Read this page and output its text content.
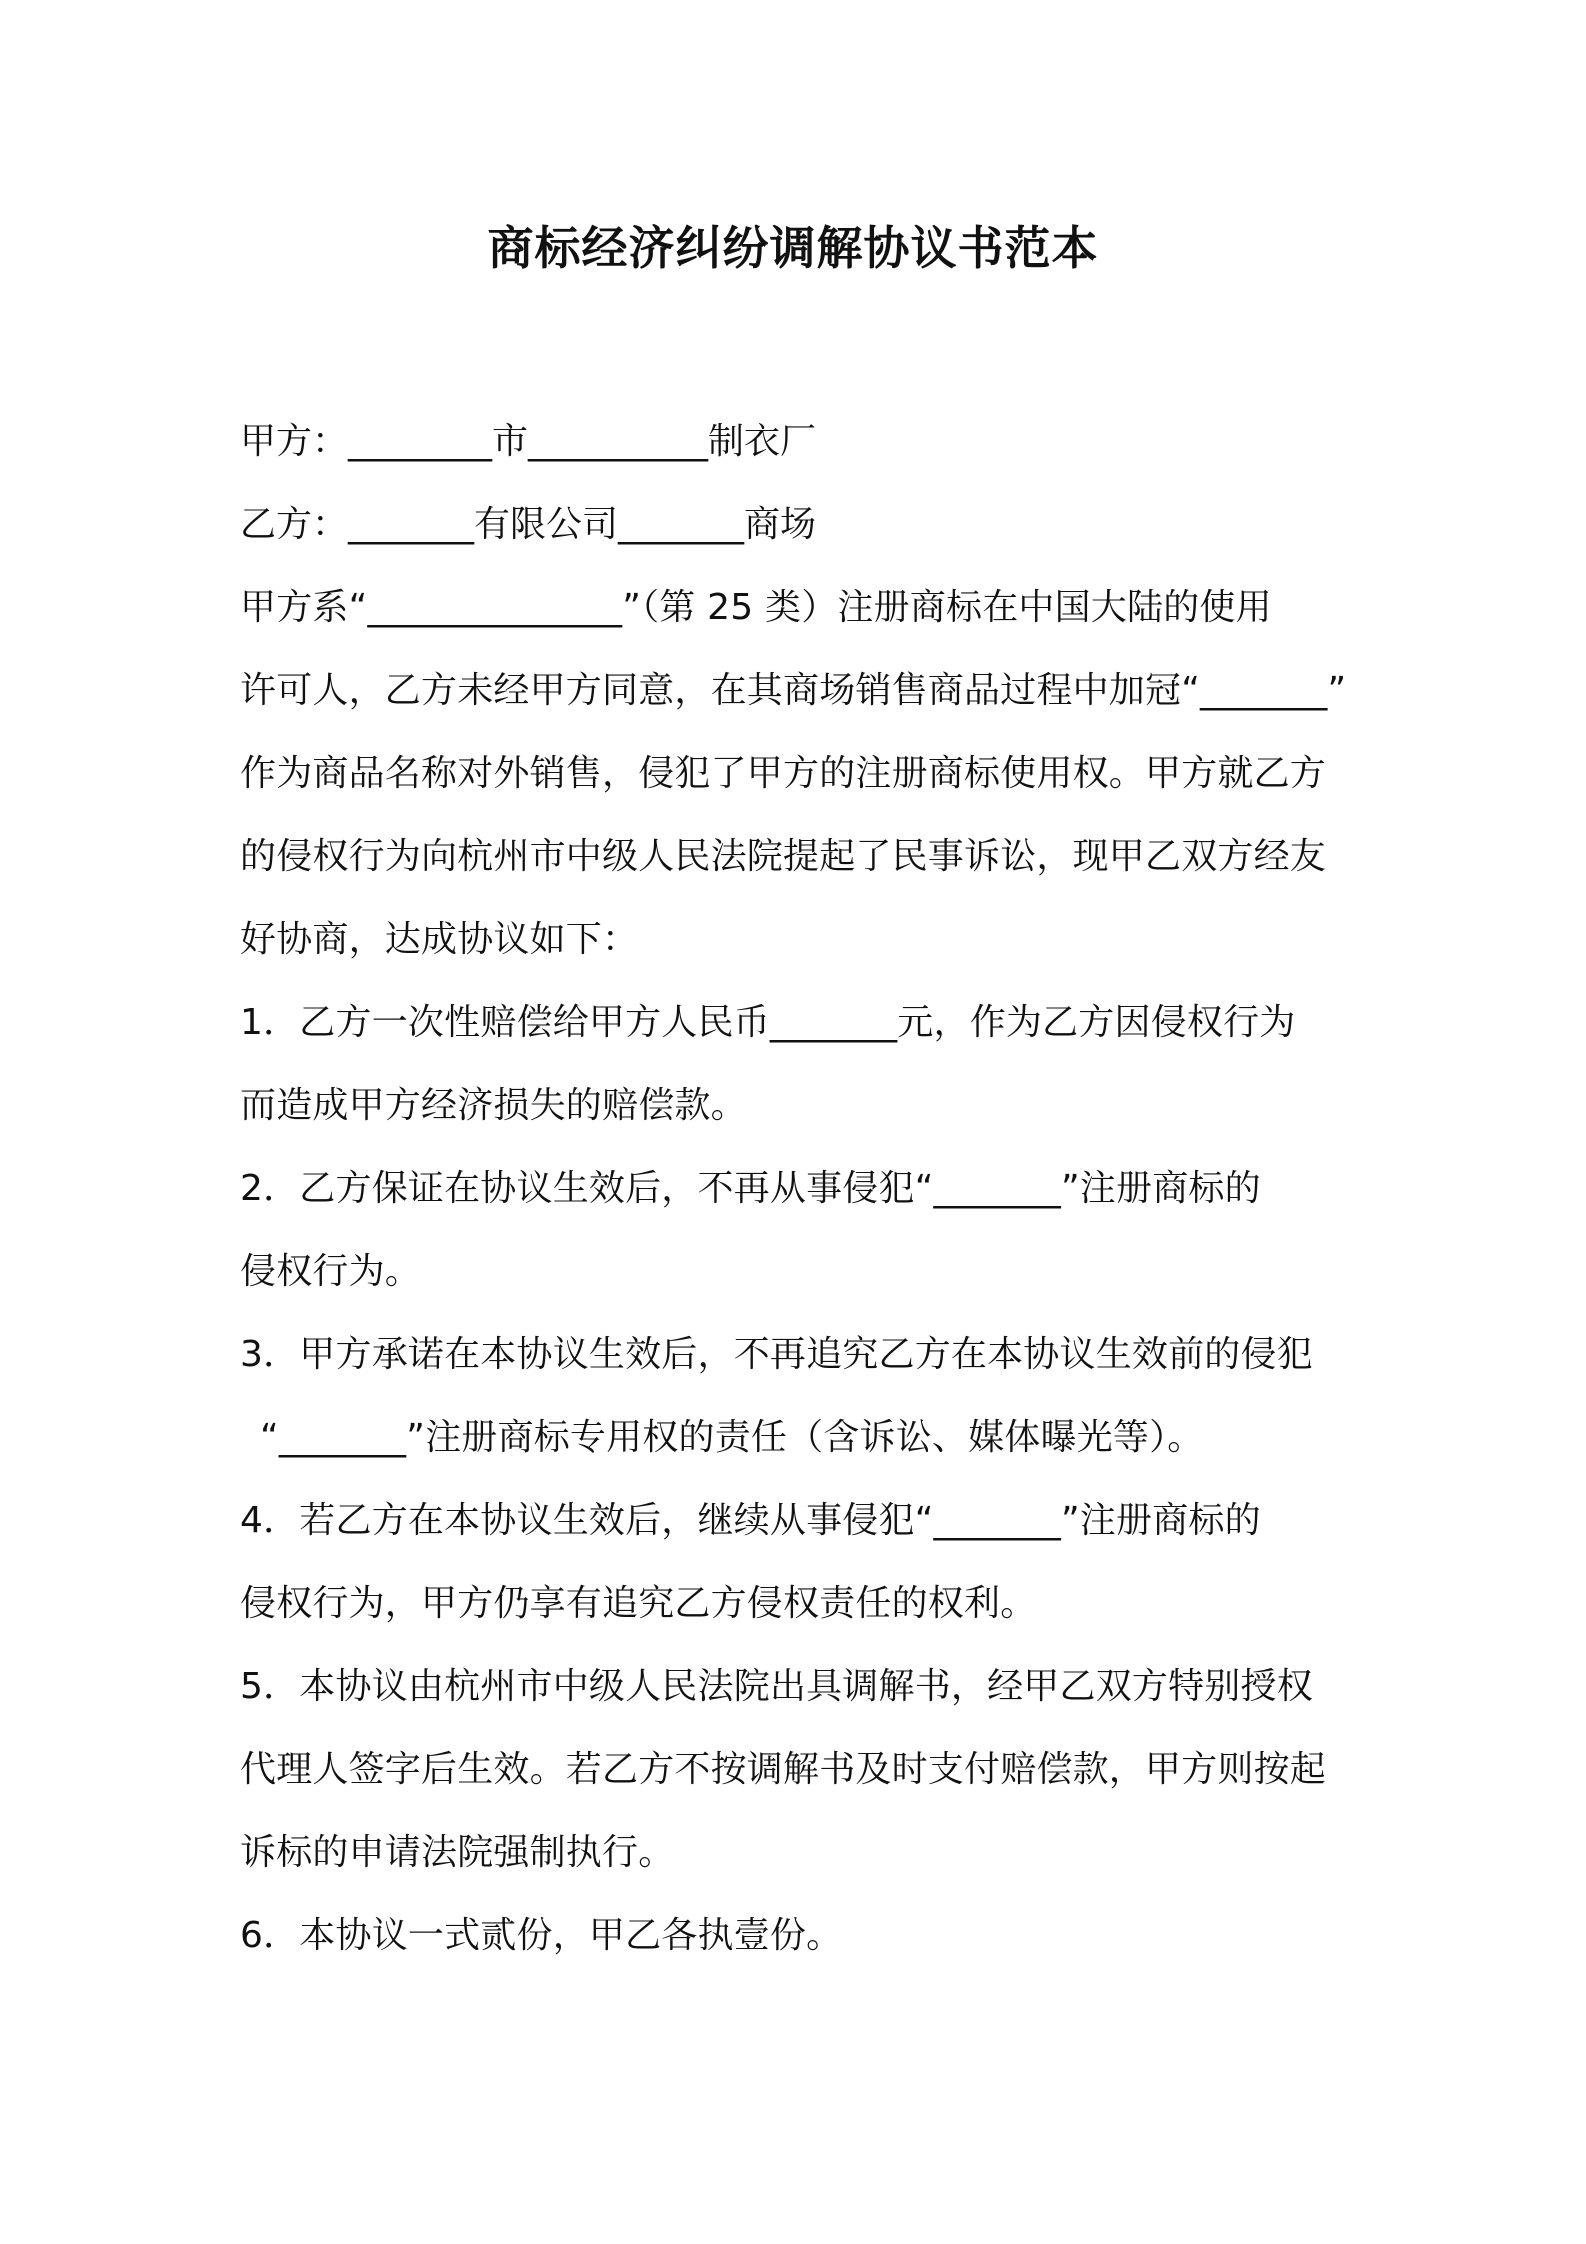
商标经济纠纷调解协议书范本
甲方：________市__________制衣厂
乙方：_______有限公司_______商场
甲方系“______________”（第 25 类）注册商标在中国大陆的使用
许可人，乙方未经甲方同意，在其商场销售商品过程中加冠“_______”
作为商品名称对外销售，侵犯了甲方的注册商标使用权。甲方就乙方
的侵权行为向杭州市中级人民法院提起了民事诉讼，现甲乙双方经友
好协商，达成协议如下：
1．乙方一次性赔偿给甲方人民币_______元，作为乙方因侵权行为
而造成甲方经济损失的赔偿款。
2．乙方保证在协议生效后，不再从事侵犯“_______”注册商标的
侵权行为。
3．甲方承诺在本协议生效后，不再追究乙方在本协议生效前的侵犯
“_______”注册商标专用权的责任（含诉讼、媒体曝光等）。
4．若乙方在本协议生效后，继续从事侵犯“_______”注册商标的
侵权行为，甲方仍享有追究乙方侵权责任的权利。
5．本协议由杭州市中级人民法院出具调解书，经甲乙双方特别授权
代理人签字后生效。若乙方不按调解书及时支付赔偿款，甲方则按起
诉标的申请法院强制执行。
6．本协议一式贰份，甲乙各执壹份。
